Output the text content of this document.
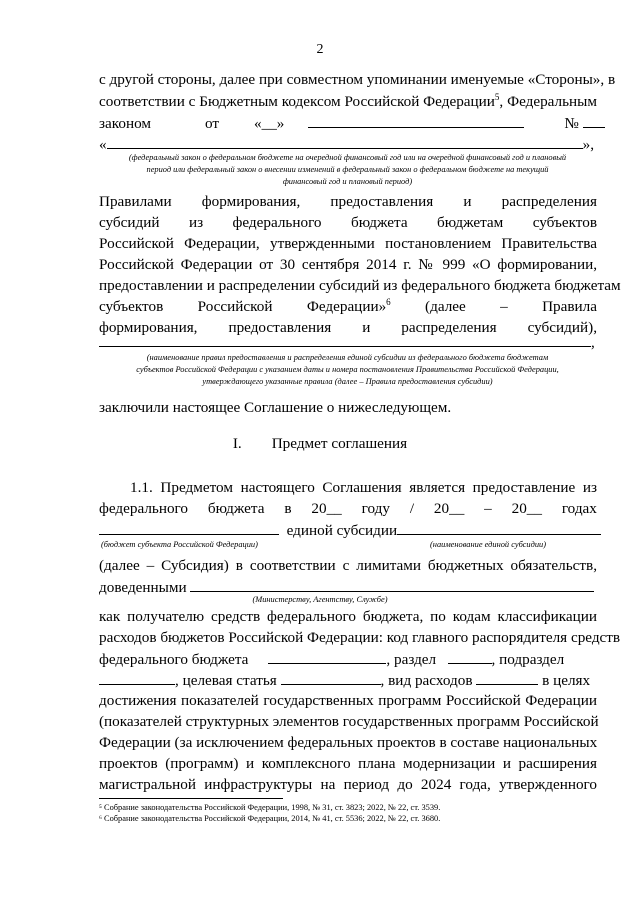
2
с другой стороны, далее при совместном упоминании именуемые «Стороны», в
соответствии с Бюджетным кодексом Российской Федерации$^5$, Федеральным
законом	от «__»	№
«	»,
(федеральный закон о федеральном бюджете на очередной финансовый год или на очередной финансовый год и плановый
период или федеральный закон о внесении изменений в федеральный закон о федеральном бюджете на текущий
финансовый год и плановый период)
Правилами формирования, предоставления и распределения
субсидий из федерального бюджета бюджетам субъектов
Российской Федерации, утвержденными постановлением Правительства
Российской Федерации от 30 сентября 2014 г. № 999 «О формировании,
предоставлении и распределении субсидий из федерального бюджета бюджетам
субъектов Российской Федерации»$^6$ (далее – Правила
формирования, предоставления и распределения субсидий),
,
(наименование правил предоставления и распределения единой субсидии из федерального бюджета бюджетам
субъектов Российской Федерации с указанием даты и номера постановления Правительства Российской Федерации,
утверждающего указанные правила (далее – Правила предоставления субсидии)
заключили настоящее Соглашение о нижеследующем.
I. Предмет соглашения
1.1. Предметом настоящего Соглашения является предоставление из
федерального бюджета в 20__ году / 20__ – 20__ годах
единой субсидии
(бюджет субъекта Российской Федерации)	(наименование единой субсидии)
(далее – Субсидия) в соответствии с лимитами бюджетных обязательств,
доведенными
(Министерству, Агентству, Службе)
как получателю средств федерального бюджета, по кодам классификации
расходов бюджетов Российской Федерации: код главного распорядителя средств
федерального бюджета	, раздел	, подраздел
, целевая статья	, вид расходов	в целях
достижения показателей государственных программ Российской Федерации
(показателей структурных элементов государственных программ Российской
Федерации (за исключением федеральных проектов в составе национальных
проектов (программ) и комплексного плана модернизации и расширения
магистральной инфраструктуры на период до 2024 года, утвержденного
⁵ Собрание законодательства Российской Федерации, 1998, № 31, ст. 3823; 2022, № 22, ст. 3539.
⁶ Собрание законодательства Российской Федерации, 2014, № 41, ст. 5536; 2022, № 22, ст. 3680.
